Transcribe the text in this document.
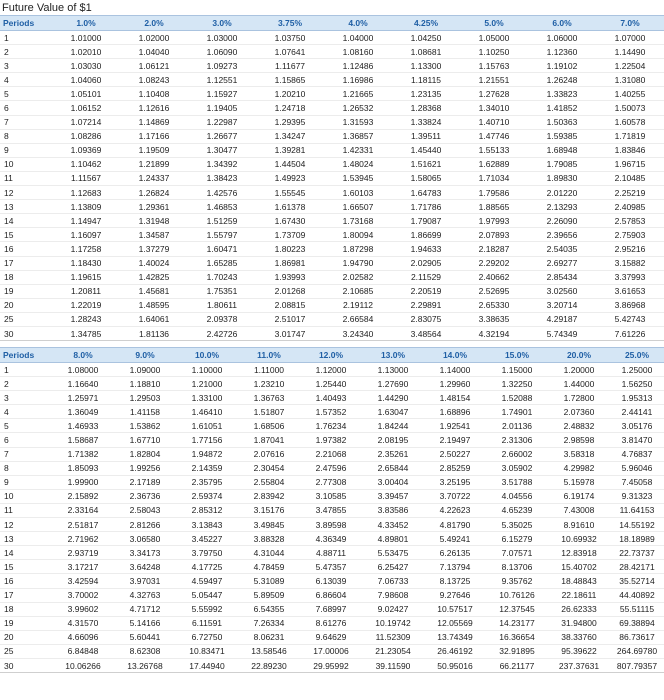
Future Value of $1
Periods	1.0%	2.0%	3.0%	3.75%	4.0%	4.25%	5.0%	6.0%	7.0%
1	1.01000	1.02000	1.03000	1.03750	1.04000	1.04250	1.05000	1.06000	1.07000
2	1.02010	1.04040	1.06090	1.07641	1.08160	1.08681	1.10250	1.12360	1.14490
3	1.03030	1.06121	1.09273	1.11677	1.12486	1.13300	1.15763	1.19102	1.22504
4	1.04060	1.08243	1.12551	1.15865	1.16986	1.18115	1.21551	1.26248	1.31080
5	1.05101	1.10408	1.15927	1.20210	1.21665	1.23135	1.27628	1.33823	1.40255
6	1.06152	1.12616	1.19405	1.24718	1.26532	1.28368	1.34010	1.41852	1.50073
7	1.07214	1.14869	1.22987	1.29395	1.31593	1.33824	1.40710	1.50363	1.60578
8	1.08286	1.17166	1.26677	1.34247	1.36857	1.39511	1.47746	1.59385	1.71819
9	1.09369	1.19509	1.30477	1.39281	1.42331	1.45440	1.55133	1.68948	1.83846
10	1.10462	1.21899	1.34392	1.44504	1.48024	1.51621	1.62889	1.79085	1.96715
11	1.11567	1.24337	1.38423	1.49923	1.53945	1.58065	1.71034	1.89830	2.10485
12	1.12683	1.26824	1.42576	1.55545	1.60103	1.64783	1.79586	2.01220	2.25219
13	1.13809	1.29361	1.46853	1.61378	1.66507	1.71786	1.88565	2.13293	2.40985
14	1.14947	1.31948	1.51259	1.67430	1.73168	1.79087	1.97993	2.26090	2.57853
15	1.16097	1.34587	1.55797	1.73709	1.80094	1.86699	2.07893	2.39656	2.75903
16	1.17258	1.37279	1.60471	1.80223	1.87298	1.94633	2.18287	2.54035	2.95216
17	1.18430	1.40024	1.65285	1.86981	1.94790	2.02905	2.29202	2.69277	3.15882
18	1.19615	1.42825	1.70243	1.93993	2.02582	2.11529	2.40662	2.85434	3.37993
19	1.20811	1.45681	1.75351	2.01268	2.10685	2.20519	2.52695	3.02560	3.61653
20	1.22019	1.48595	1.80611	2.08815	2.19112	2.29891	2.65330	3.20714	3.86968
25	1.28243	1.64061	2.09378	2.51017	2.66584	2.83075	3.38635	4.29187	5.42743
30	1.34785	1.81136	2.42726	3.01747	3.24340	3.48564	4.32194	5.74349	7.61226
Periods	8.0%	9.0%	10.0%	11.0%	12.0%	13.0%	14.0%	15.0%	20.0%	25.0%
1	1.08000	1.09000	1.10000	1.11000	1.12000	1.13000	1.14000	1.15000	1.20000	1.25000
2	1.16640	1.18810	1.21000	1.23210	1.25440	1.27690	1.29960	1.32250	1.44000	1.56250
3	1.25971	1.29503	1.33100	1.36763	1.40493	1.44290	1.48154	1.52088	1.72800	1.95313
4	1.36049	1.41158	1.46410	1.51807	1.57352	1.63047	1.68896	1.74901	2.07360	2.44141
5	1.46933	1.53862	1.61051	1.68506	1.76234	1.84244	1.92541	2.01136	2.48832	3.05176
6	1.58687	1.67710	1.77156	1.87041	1.97382	2.08195	2.19497	2.31306	2.98598	3.81470
7	1.71382	1.82804	1.94872	2.07616	2.21068	2.35261	2.50227	2.66002	3.58318	4.76837
8	1.85093	1.99256	2.14359	2.30454	2.47596	2.65844	2.85259	3.05902	4.29982	5.96046
9	1.99900	2.17189	2.35795	2.55804	2.77308	3.00404	3.25195	3.51788	5.15978	7.45058
10	2.15892	2.36736	2.59374	2.83942	3.10585	3.39457	3.70722	4.04556	6.19174	9.31323
11	2.33164	2.58043	2.85312	3.15176	3.47855	3.83586	4.22623	4.65239	7.43008	11.64153
12	2.51817	2.81266	3.13843	3.49845	3.89598	4.33452	4.81790	5.35025	8.91610	14.55192
13	2.71962	3.06580	3.45227	3.88328	4.36349	4.89801	5.49241	6.15279	10.69932	18.18989
14	2.93719	3.34173	3.79750	4.31044	4.88711	5.53475	6.26135	7.07571	12.83918	22.73737
15	3.17217	3.64248	4.17725	4.78459	5.47357	6.25427	7.13794	8.13706	15.40702	28.42171
16	3.42594	3.97031	4.59497	5.31089	6.13039	7.06733	8.13725	9.35762	18.48843	35.52714
17	3.70002	4.32763	5.05447	5.89509	6.86604	7.98608	9.27646	10.76126	22.18611	44.40892
18	3.99602	4.71712	5.55992	6.54355	7.68997	9.02427	10.57517	12.37545	26.62333	55.51115
19	4.31570	5.14166	6.11591	7.26334	8.61276	10.19742	12.05569	14.23177	31.94800	69.38894
20	4.66096	5.60441	6.72750	8.06231	9.64629	11.52309	13.74349	16.36654	38.33760	86.73617
25	6.84848	8.62308	10.83471	13.58546	17.00006	21.23054	26.46192	32.91895	95.39622	264.69780
30	10.06266	13.26768	17.44940	22.89230	29.95992	39.11590	50.95016	66.21177	237.37631	807.79357
